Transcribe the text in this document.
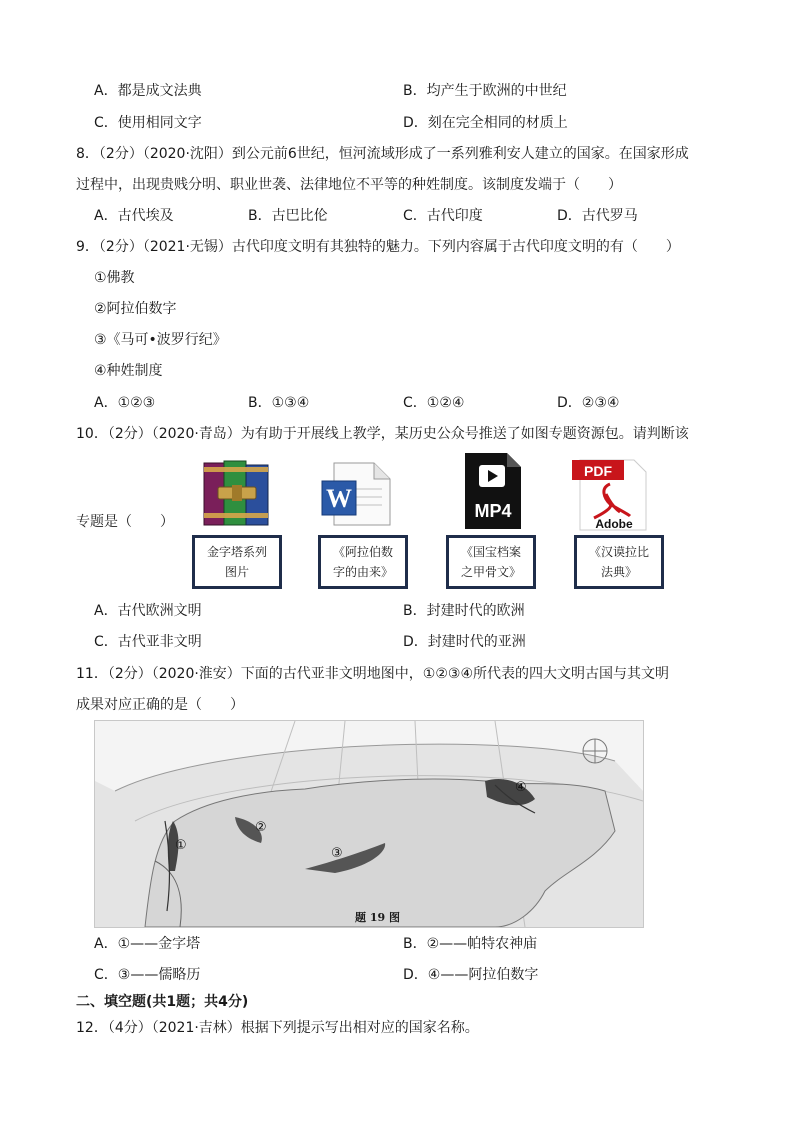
A．都是成文法典	B．均产生于欧洲的中世纪
C．使用相同文字	D．刻在完全相同的材质上
8．（2分）（2020·沈阳）到公元前6世纪，恒河流域形成了一系列雅利安人建立的国家。在国家形成
过程中，出现贵贱分明、职业世袭、法律地位不平等的种姓制度。该制度发端于（　　）
A．古代埃及	B．古巴比伦	C．古代印度	D．古代罗马
9．（2分）（2021·无锡）古代印度文明有其独特的魅力。下列内容属于古代印度文明的有（　　）
①佛教
②阿拉伯数字
③《马可•波罗行纪》
④种姓制度
A．①②③	B．①③④	C．①②④	D．②③④
10．（2分）（2020·青岛）为有助于开展线上教学，某历史公众号推送了如图专题资源包。请判断该
专题是（　　）
W	MP4
PDF
Adobe
金字塔系列
图片
《阿拉伯数
字的由来》
《国宝档案
之甲骨文》
《汉谟拉比
法典》
A．古代欧洲文明	B．封建时代的欧洲
C．古代亚非文明	D．封建时代的亚洲
11．（2分）（2020·淮安）下面的古代亚非文明地图中，①②③④所代表的四大文明古国与其文明
成果对应正确的是（　　）
①
②
③
④
题 19 图
A．①——金字塔	B．②——帕特农神庙
C．③——儒略历	D．④——阿拉伯数字
二、填空题(共1题；共4分)
12．（4分）（2021·吉林）根据下列提示写出相对应的国家名称。
